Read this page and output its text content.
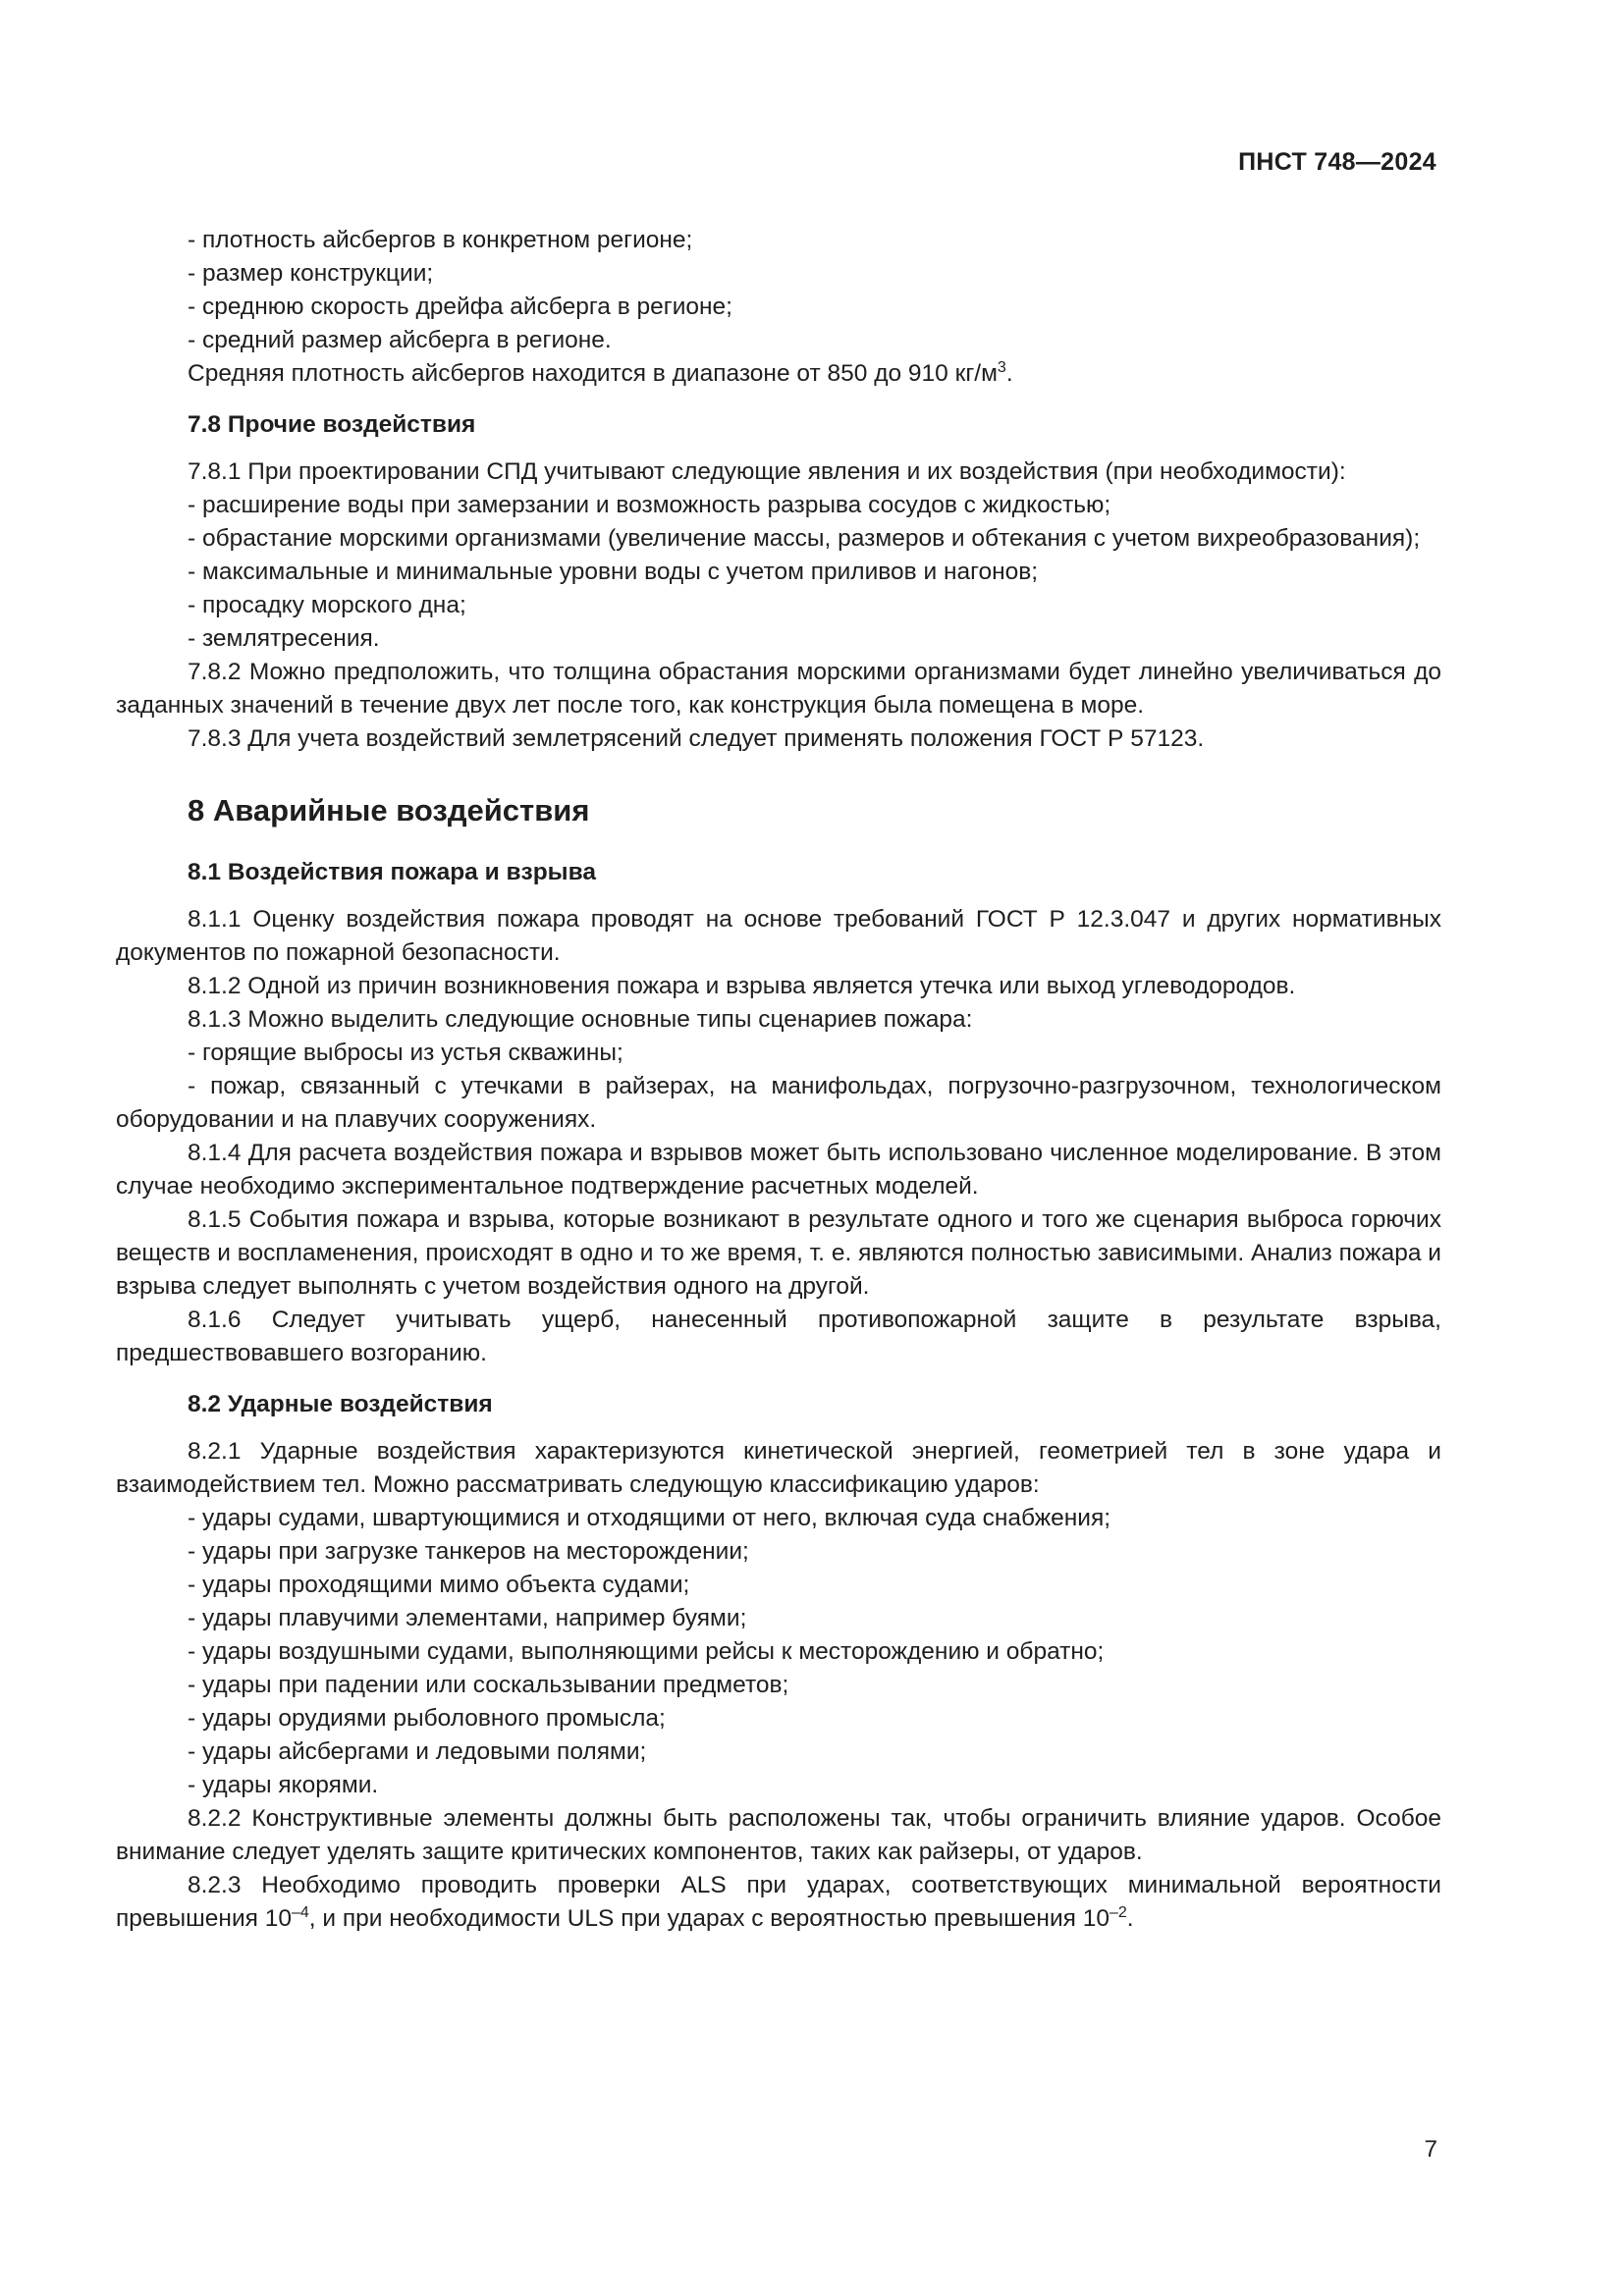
ПНСТ 748—2024

- плотность айсбергов в конкретном регионе;

- размер конструкции;

- среднюю скорость дрейфа айсберга в регионе;

- средний размер айсберга в регионе.

Средняя плотность айсбергов находится в диапазоне от 850 до 910 $кг/м^3$.

7.8 Прочие воздействия

7.8.1 При проектировании СПД учитывают следующие явления и их воздействия (при необходимости):

- расширение воды при замерзании и возможность разрыва сосудов с жидкостью;

- обрастание морскими организмами (увеличение массы, размеров и обтекания с учетом вихреобразования);

- максимальные и минимальные уровни воды с учетом приливов и нагонов;

- просадку морского дна;

- землятресения.

7.8.2 Можно предположить, что толщина обрастания морскими организмами будет линейно увеличиваться до заданных значений в течение двух лет после того, как конструкция была помещена в море.

7.8.3 Для учета воздействий землетрясений следует применять положения ГОСТ Р 57123.

8 Аварийные воздействия
8.1 Воздействия пожара и взрыва

8.1.1 Оценку воздействия пожара проводят на основе требований ГОСТ Р 12.3.047 и других нормативных документов по пожарной безопасности.

8.1.2 Одной из причин возникновения пожара и взрыва является утечка или выход углеводородов.

8.1.3 Можно выделить следующие основные типы сценариев пожара:

- горящие выбросы из устья скважины;

- пожар, связанный с утечками в райзерах, на манифольдах, погрузочно-разгрузочном, технологическом оборудовании и на плавучих сооружениях.

8.1.4 Для расчета воздействия пожара и взрывов может быть использовано численное моделирование. В этом случае необходимо экспериментальное подтверждение расчетных моделей.

8.1.5 События пожара и взрыва, которые возникают в результате одного и того же сценария выброса горючих веществ и воспламенения, происходят в одно и то же время, т. е. являются полностью зависимыми. Анализ пожара и взрыва следует выполнять с учетом воздействия одного на другой.

8.1.6 Следует учитывать ущерб, нанесенный противопожарной защите в результате взрыва, предшествовавшего возгоранию.

8.2 Ударные воздействия

8.2.1 Ударные воздействия характеризуются кинетической энергией, геометрией тел в зоне удара и взаимодействием тел. Можно рассматривать следующую классификацию ударов:

- удары судами, швартующимися и отходящими от него, включая суда снабжения;

- удары при загрузке танкеров на месторождении;

- удары проходящими мимо объекта судами;

- удары плавучими элементами, например буями;

- удары воздушными судами, выполняющими рейсы к месторождению и обратно;

- удары при падении или соскальзывании предметов;

- удары орудиями рыболовного промысла;

- удары айсбергами и ледовыми полями;

- удары якорями.

8.2.2 Конструктивные элементы должны быть расположены так, чтобы ограничить влияние ударов. Особое внимание следует уделять защите критических компонентов, таких как райзеры, от ударов.

8.2.3 Необходимо проводить проверки ALS при ударах, соответствующих минимальной вероятности превышения $10^{-4}$, и при необходимости ULS при ударах с вероятностью превышения $10^{-2}$.

7
